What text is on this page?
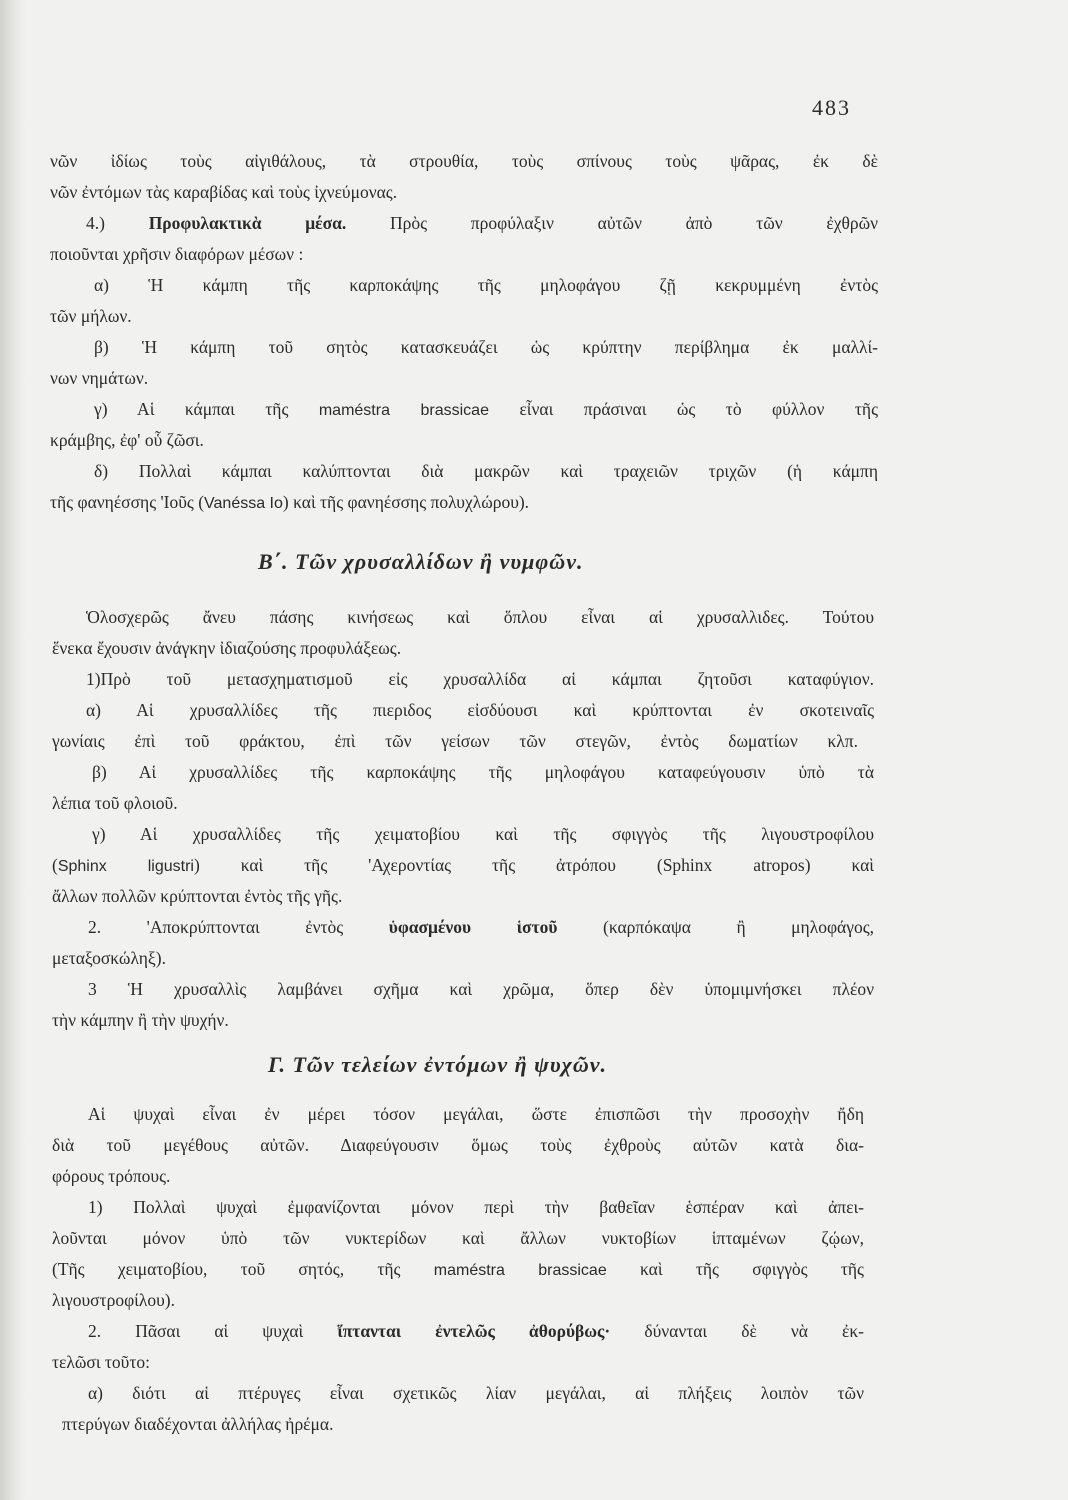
483
νῶν ἰδίως τοὺς αἰγιθάλους, τὰ στρουθία, τοὺς σπίνους τοὺς ψᾶρας, ἐκ δὲ
νῶν ἐντόμων τὰς καραβίδας καὶ τοὺς ἰχνεύμονας.
4.) Προφυλακτικὰ μέσα. Πρὸς προφύλαξιν αὐτῶν ἀπὸ τῶν ἐχθρῶν
ποιοῦνται χρῆσιν διαφόρων μέσων :
α) Ἡ κάμπη τῆς καρποκάψης τῆς μηλοφάγου ζῇ κεκρυμμένη ἐντὸς
τῶν μήλων.
β) Ἡ κάμπη τοῦ σητὸς κατασκευάζει ὡς κρύπτην περίβλημα ἐκ μαλλί-
νων νημάτων.
γ) Αἱ κάμπαι τῆς maméstra brassicae εἶναι πράσιναι ὡς τὸ φύλλον τῆς
κράμβης, ἐφ' οὗ ζῶσι.
δ) Πολλαὶ κάμπαι καλύπτονται διὰ μακρῶν καὶ τραχειῶν τριχῶν (ἡ κάμπη
τῆς φανηέσσης 'Ιοῦς (Vanéssa Io) καὶ τῆς φανηέσσης πολυχλώρου).
Β΄. Τῶν χρυσαλλίδων ἢ νυμφῶν.
Ὁλοσχερῶς ἄνευ πάσης κινήσεως καὶ ὅπλου εἶναι αἱ χρυσαλλιδες. Τούτου
ἕνεκα ἔχουσιν ἀνάγκην ἰδιαζούσης προφυλάξεως.
1)Πρὸ τοῦ μετασχηματισμοῦ εἰς χρυσαλλίδα αἱ κάμπαι ζητοῦσι καταφύγιον.
α) Αἱ χρυσαλλίδες τῆς πιεριδος εἰσδύουσι καὶ κρύπτονται ἐν σκοτειναῖς
γωνίαις ἐπὶ τοῦ φράκτου, ἐπὶ τῶν γείσων τῶν στεγῶν, ἐντὸς δωματίων κλπ.
β) Αἱ χρυσαλλίδες τῆς καρποκάψης τῆς μηλοφάγου καταφεύγουσιν ὑπὸ τὰ
λέπια τοῦ φλοιοῦ.
γ) Αἱ χρυσαλλίδες τῆς χειματοβίου καὶ τῆς σφιγγὸς τῆς λιγουστροφίλου
(Sphinx ligustri) καὶ τῆς 'Αχεροντίας τῆς ἀτρόπου (Sphinx atropos) καὶ
ἄλλων πολλῶν κρύπτονται ἐντὸς τῆς γῆς.
2. 'Αποκρύπτονται ἐντὸς ὑφασμένου ἱστοῦ (καρπόκαψα ἢ μηλοφάγος,
μεταξοσκώληξ).
3 Ἡ χρυσαλλὶς λαμβάνει σχῆμα καὶ χρῶμα, ὅπερ δὲν ὑπομιμνήσκει πλέον
τὴν κάμπην ἢ τὴν ψυχήν.
Γ. Τῶν τελείων ἐντόμων ἢ ψυχῶν.
Αἱ ψυχαὶ εἶναι ἐν μέρει τόσον μεγάλαι, ὥστε ἐπισπῶσι τὴν προσοχὴν ἤδη
διὰ τοῦ μεγέθους αὐτῶν. Διαφεύγουσιν ὅμως τοὺς ἐχθροὺς αὐτῶν κατὰ δια-
φόρους τρόπους.
1) Πολλαὶ ψυχαὶ ἐμφανίζονται μόνον περὶ τὴν βαθεῖαν ἑσπέραν καὶ ἀπει-
λοῦνται μόνον ὑπὸ τῶν νυκτερίδων καὶ ἄλλων νυκτοβίων ἱπταμένων ζῴων,
(Τῆς χειματοβίου, τοῦ σητός, τῆς maméstra brassicae καὶ τῆς σφιγγὸς τῆς
λιγουστροφίλου).
2. Πᾶσαι αἱ ψυχαὶ ἵπτανται ἐντελῶς ἀθορύβως· δύνανται δὲ νὰ ἐκ-
τελῶσι τοῦτο:
α) διότι αἱ πτέρυγες εἶναι σχετικῶς λίαν μεγάλαι, αἱ πλήξεις λοιπὸν τῶν
πτερύγων διαδέχονται ἀλλήλας ἠρέμα.
